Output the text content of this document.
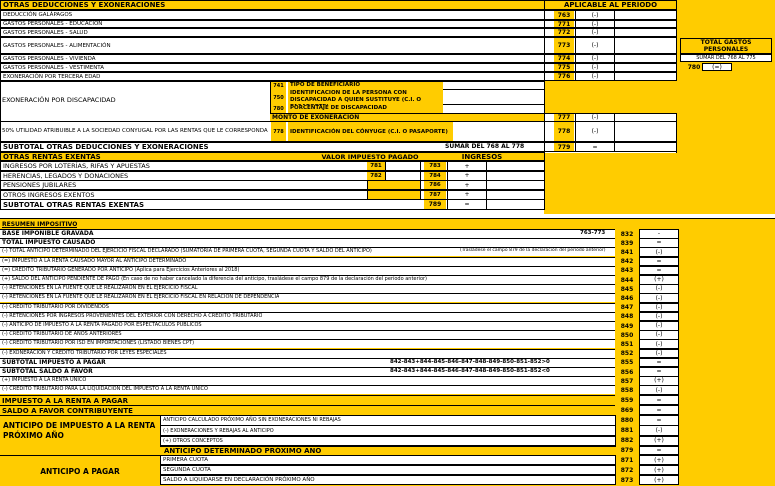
OTRAS DEDUCCIONES Y EXONERACIONES	APLICABLE AL PERÍODO
TOTAL GASTOS PERSONALES
SUMAR DEL 768 AL 775
780	(=)
DEDUCCIÓN GALÁPAGOS	763	(-)
GASTOS PERSONALES - EDUCACIÓN	771	(-)
GASTOS PERSONALES - SALUD	772	(-)
GASTOS PERSONALES - ALIMENTACIÓN	773	(-)
GASTOS PERSONALES - VIVIENDA	774	(-)
GASTOS PERSONALES - VESTIMENTA	775	(-)
EXONERACIÓN POR TERCERA EDAD	776	(-)
EXONERACIÓN POR DISCAPACIDAD
741	TIPO DE BENEFICIARIO
750
IDENTIFICACIÓN DE LA PERSONA CON DISCAPACIDAD A QUIEN SUSTITUYE (C.I. O
780	PORCENTAJE DE DISCAPACIDAD
MONTO DE EXONERACIÓN	777	(-)
50% UTILIDAD ATRIBUIBLE A LA SOCIEDAD CONYUGAL POR LAS RENTAS QUE LE CORRESPONDA	778	IDENTIFICACIÓN DEL CÓNYUGE (C.I. O PASAPORTE)	778	(-)
SUBTOTAL OTRAS DEDUCCIONES Y EXONERACIONES	SUMAR DEL 768 AL 778	779	=
OTRAS RENTAS EXENTAS	VALOR IMPUESTO PAGADO	INGRESOS
INGRESOS POR LOTERÍAS, RIFAS Y APUESTAS	781	783	+
HERENCIAS, LEGADOS Y DONACIONES	782	784	+
PENSIONES JUBILARES	786	+
OTROS INGRESOS EXENTOS	787	+
SUBTOTAL OTRAS RENTAS EXENTAS	789	=
RESUMEN IMPOSITIVO
BASE IMPONIBLE GRAVADA	763-773	832	-
TOTAL IMPUESTO CAUSADO	839	=
(-) TOTAL ANTICIPO DETERMINADO DEL EJERCICIO FISCAL DECLARADO (SUMATORIA DE PRIMERA CUOTA, SEGUNDA CUOTA Y SALDO DEL ANTICIPO)	(Trasládese el campo 879 de la declaración del período anterior)	841	(-)
(=) IMPUESTO A LA RENTA CAUSADO MAYOR AL ANTICIPO DETERMINADO	842	=
(=) CRÉDITO TRIBUTARIO GENERADO POR ANTICIPO (Aplica para Ejercicios Anteriores al 2018)	843	=
(+) SALDO DEL ANTICIPO PENDIENTE DE PAGO (En caso de no haber cancelado la diferencia del anticipo, trasládese el campo 879 de la declaración del período anterior)	844	(+)
(-) RETENCIONES EN LA FUENTE QUE LE REALIZARON EN EL EJERCICIO FISCAL	845	(-)
(-) RETENCIONES EN LA FUENTE QUE LE REALIZARON EN EL EJERCICIO FISCAL EN RELACIÓN DE DEPENDENCIA	846	(-)
(-) CRÉDITO TRIBUTARIO POR DIVIDENDOS	847	(-)
(-) RETENCIONES POR INGRESOS PROVENIENTES DEL EXTERIOR CON DERECHO A CRÉDITO TRIBUTARIO	848	(-)
(-) ANTICIPO DE IMPUESTO A LA RENTA PAGADO POR ESPECTÁCULOS PÚBLICOS	849	(-)
(-) CRÉDITO TRIBUTARIO DE AÑOS ANTERIORES	850	(-)
(-) CRÉDITO TRIBUTARIO POR ISD EN IMPORTACIONES (LISTADO BIENES CPT)	851	(-)
(-) EXONERACIÓN Y CRÉDITO TRIBUTARIO POR LEYES ESPECIALES	852	(-)
SUBTOTAL IMPUESTO A PAGAR	842-843+844-845-846-847-848-849-850-851-852>0	855	=
SUBTOTAL SALDO A FAVOR	842-843+844-845-846-847-848-849-850-851-852<0	856	=
(+) IMPUESTO A LA RENTA ÚNICO	857	(+)
(-) CRÉDITO TRIBUTARIO PARA LA LIQUIDACIÓN DEL IMPUESTO A LA RENTA ÚNICO	858	(-)
IMPUESTO A LA RENTA A PAGAR	859	=
SALDO A FAVOR CONTRIBUYENTE	869	=
ANTICIPO DE IMPUESTO A LA RENTA PRÓXIMO AÑO
ANTICIPO CALCULADO PRÓXIMO AÑO SIN EXONERACIONES NI REBAJAS	880	=
(-) EXONERACIONES Y REBAJAS AL ANTICIPO	881	(-)
(+) OTROS CONCEPTOS	882	(+)
ANTICIPO DETERMINADO PRÓXIMO AÑO	879	=
ANTICIPO A PAGAR
PRIMERA CUOTA	871	(+)
SEGUNDA CUOTA	872	(+)
SALDO A LIQUIDARSE EN DECLARACIÓN PRÓXIMO AÑO	873	(+)
